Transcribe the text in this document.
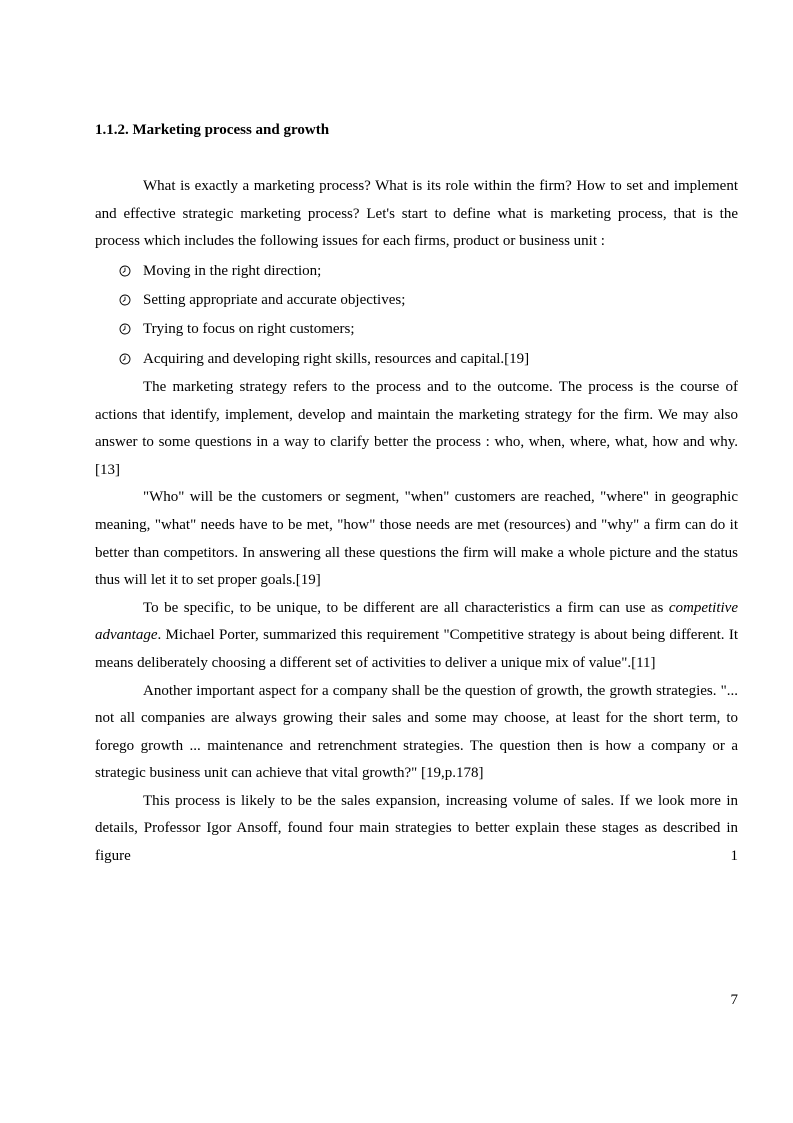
1.1.2. Marketing process and growth

What is exactly a marketing process? What is its role within the firm? How to set and implement and effective strategic marketing process? Let's start to define what is marketing process, that is the process which includes the following issues for each firms, product or business unit :

Moving in the right direction;
Setting appropriate and accurate objectives;
Trying to focus on right customers;
Acquiring and developing right skills, resources and capital.[19]

The marketing strategy refers to the process and to the outcome. The process is the course of actions that identify, implement, develop and maintain the marketing strategy for the firm. We may also answer to some questions in a way to clarify better the process : who, when, where, what, how and why.[13]

"Who" will be the customers or segment, "when" customers are reached, "where" in geographic meaning, "what" needs have to be met, "how" those needs are met (resources) and "why" a firm can do it better than competitors. In answering all these questions the firm will make a whole picture and the status thus will let it to set proper goals.[19]

To be specific, to be unique, to be different are all characteristics a firm can use as competitive advantage. Michael Porter, summarized this requirement "Competitive strategy is about being different. It means deliberately choosing a different set of activities to deliver a unique mix of value".[11]

Another important aspect for a company shall be the question of growth, the growth strategies. "... not all companies are always growing their sales and some may choose, at least for the short term, to forego growth ... maintenance and retrenchment strategies. The question then is how a company or a strategic business unit can achieve that vital growth?" [19,p.178]

This process is likely to be the sales expansion, increasing volume of sales. If we look more in details, Professor Igor Ansoff, found four main strategies to better explain these stages as described in figure 1

7
